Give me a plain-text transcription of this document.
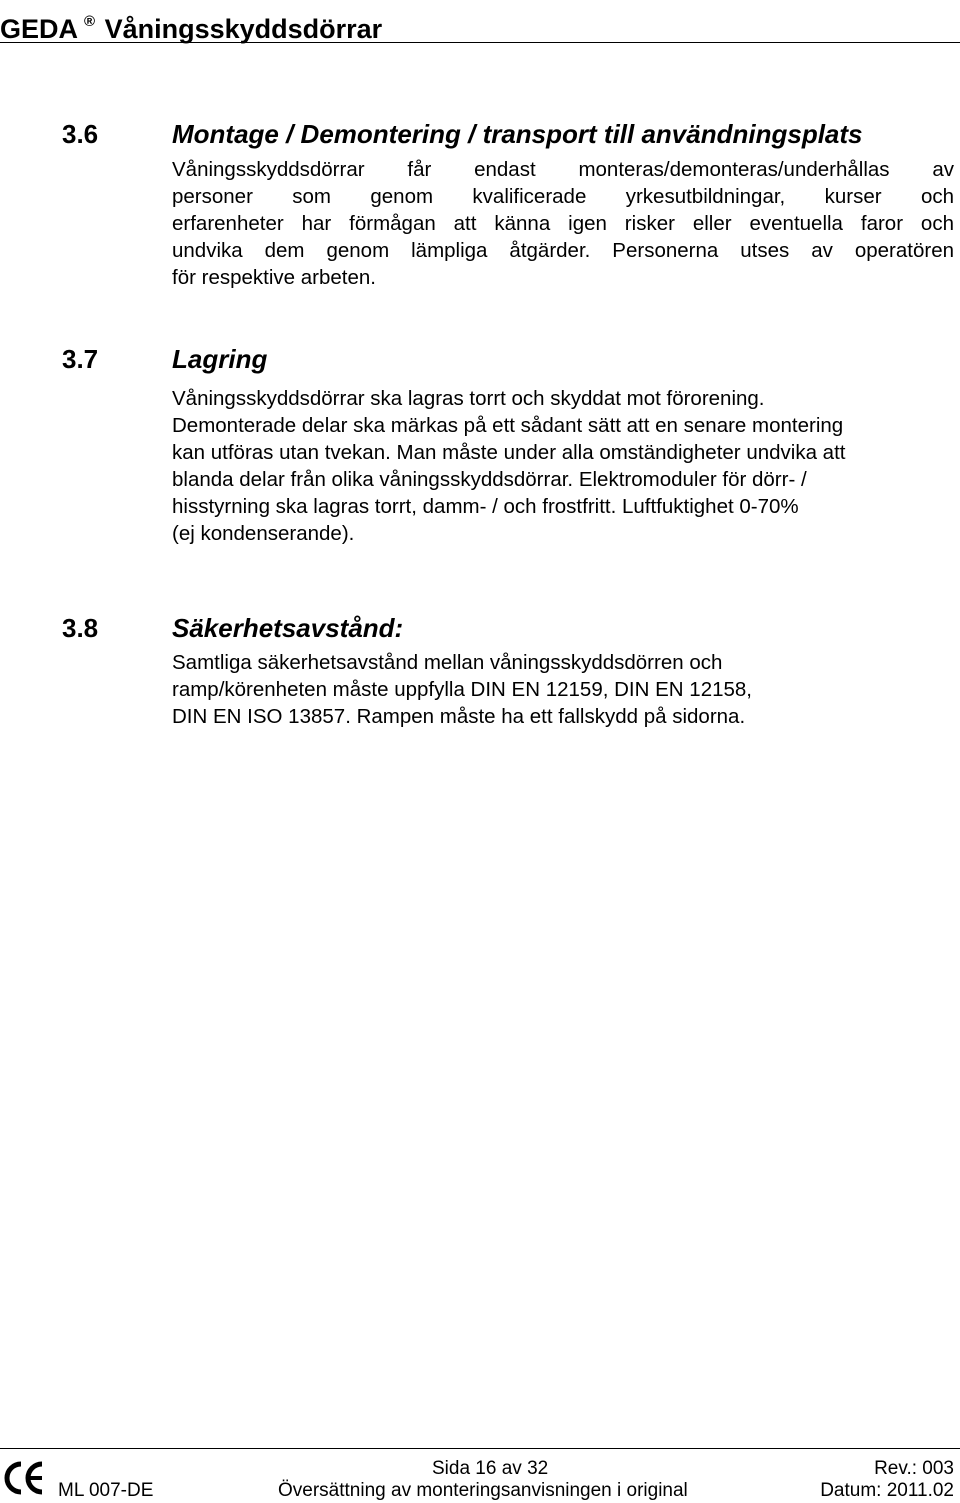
GEDA ® Våningsskyddsdörrar
3.6	Montage / Demontering / transport till användningsplats
Våningsskyddsdörrar får endast monteras/demonteras/underhållas av
personer som genom kvalificerade yrkesutbildningar, kurser och
erfarenheter har förmågan att känna igen risker eller eventuella faror och
undvika dem genom lämpliga åtgärder. Personerna utses av operatören
för respektive arbeten.
3.7	Lagring
Våningsskyddsdörrar ska lagras torrt och skyddat mot förorening.
Demonterade delar ska märkas på ett sådant sätt att en senare montering
kan utföras utan tvekan. Man måste under alla omständigheter undvika att
blanda delar från olika våningsskyddsdörrar. Elektromoduler för dörr- /
hisstyrning ska lagras torrt, damm- / och frostfritt. Luftfuktighet 0-70%
(ej kondenserande).
3.8	Säkerhetsavstånd:
Samtliga säkerhetsavstånd mellan våningsskyddsdörren och
ramp/körenheten måste uppfylla DIN EN 12159, DIN EN 12158,
DIN EN ISO 13857. Rampen måste ha ett fallskydd på sidorna.
Sida 16 av 32	Rev.: 003
ML 007-DE	Översättning av monteringsanvisningen i original	Datum: 2011.02
